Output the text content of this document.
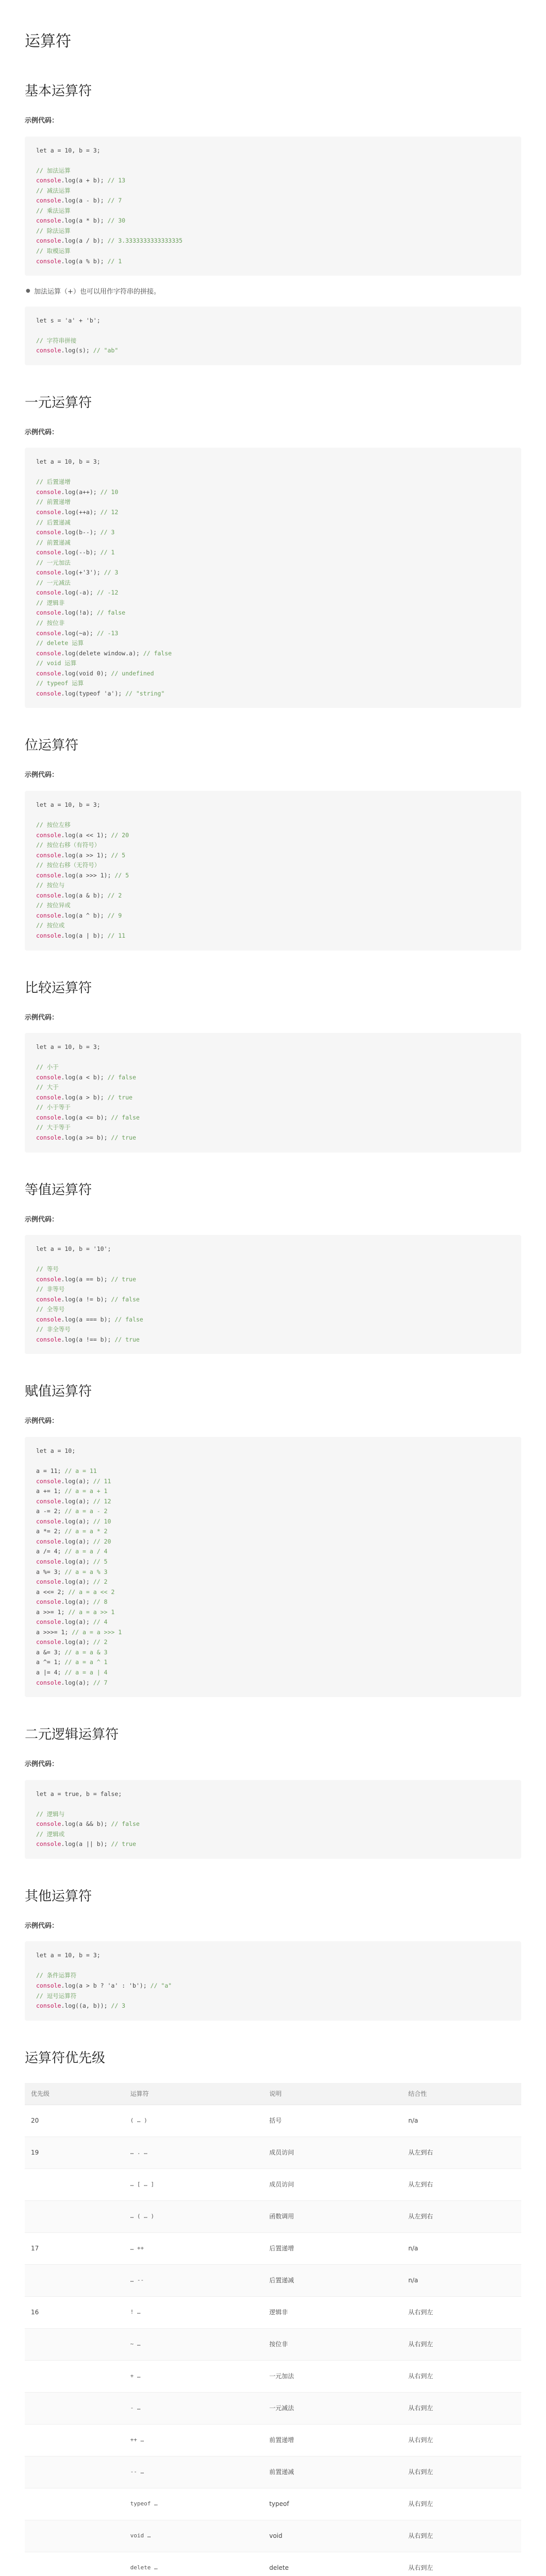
运算符
基本运算符
示例代码：
let a = 10, b = 3;

// 加法运算
console.log(a + b); // 13
// 减法运算
console.log(a - b); // 7
// 乘法运算
console.log(a * b); // 30
// 除法运算
console.log(a / b); // 3.3333333333333335
// 取模运算
console.log(a % b); // 1
● 加法运算（+）也可以用作字符串的拼接。
let s = 'a' + 'b';

// 字符串拼接
console.log(s); // "ab"
一元运算符
示例代码：
let a = 10, b = 3;

// 后置递增
console.log(a++); // 10
// 前置递增
console.log(++a); // 12
// 后置递减
console.log(b--); // 3
// 前置递减
console.log(--b); // 1
// 一元加法
console.log(+'3'); // 3
// 一元减法
console.log(-a); // -12
// 逻辑非
console.log(!a); // false
// 按位非
console.log(~a); // -13
// delete 运算
console.log(delete window.a); // false
// void 运算
console.log(void 0); // undefined
// typeof 运算
console.log(typeof 'a'); // "string"
位运算符
示例代码：
let a = 10, b = 3;

// 按位左移
console.log(a << 1); // 20
// 按位右移（有符号）
console.log(a >> 1); // 5
// 按位右移（无符号）
console.log(a >>> 1); // 5
// 按位与
console.log(a & b); // 2
// 按位异或
console.log(a ^ b); // 9
// 按位或
console.log(a | b); // 11
比较运算符
示例代码：
let a = 10, b = 3;

// 小于
console.log(a < b); // false
// 大于
console.log(a > b); // true
// 小于等于
console.log(a <= b); // false
// 大于等于
console.log(a >= b); // true
等值运算符
示例代码：
let a = 10, b = '10';

// 等号
console.log(a == b); // true
// 非等号
console.log(a != b); // false
// 全等号
console.log(a === b); // false
// 非全等号
console.log(a !== b); // true
赋值运算符
示例代码：
let a = 10;

a = 11; // a = 11
console.log(a); // 11
a += 1; // a = a + 1
console.log(a); // 12
a -= 2; // a = a - 2
console.log(a); // 10
a *= 2; // a = a * 2
console.log(a); // 20
a /= 4; // a = a / 4
console.log(a); // 5
a %= 3; // a = a % 3
console.log(a); // 2
a <<= 2; // a = a << 2
console.log(a); // 8
a >>= 1; // a = a >> 1
console.log(a); // 4
a >>>= 1; // a = a >>> 1
console.log(a); // 2
a &= 3; // a = a & 3
a ^= 1; // a = a ^ 1
a |= 4; // a = a | 4
console.log(a); // 7
二元逻辑运算符
示例代码：
let a = true, b = false;

// 逻辑与
console.log(a && b); // false
// 逻辑或
console.log(a || b); // true
其他运算符
示例代码：
let a = 10, b = 3;

// 条件运算符
console.log(a > b ? 'a' : 'b'); // "a"
// 逗号运算符
console.log((a, b)); // 3
运算符优先级
优先级	运算符	说明	结合性
20	( … )	括号	n/a
19	… . …	成员访问	从左到右
	… [ … ]	成员访问	从左到右
	… ( … )	函数调用	从左到右
17	… ++	后置递增	n/a
	… --	后置递减	n/a
16	! …	逻辑非	从右到左
	~ …	按位非	从右到左
	+ …	一元加法	从右到左
	- …	一元减法	从右到左
	++ …	前置递增	从右到左
	-- …	前置递减	从右到左
	typeof …	typeof	从右到左
	void …	void	从右到左
	delete …	delete	从右到左
